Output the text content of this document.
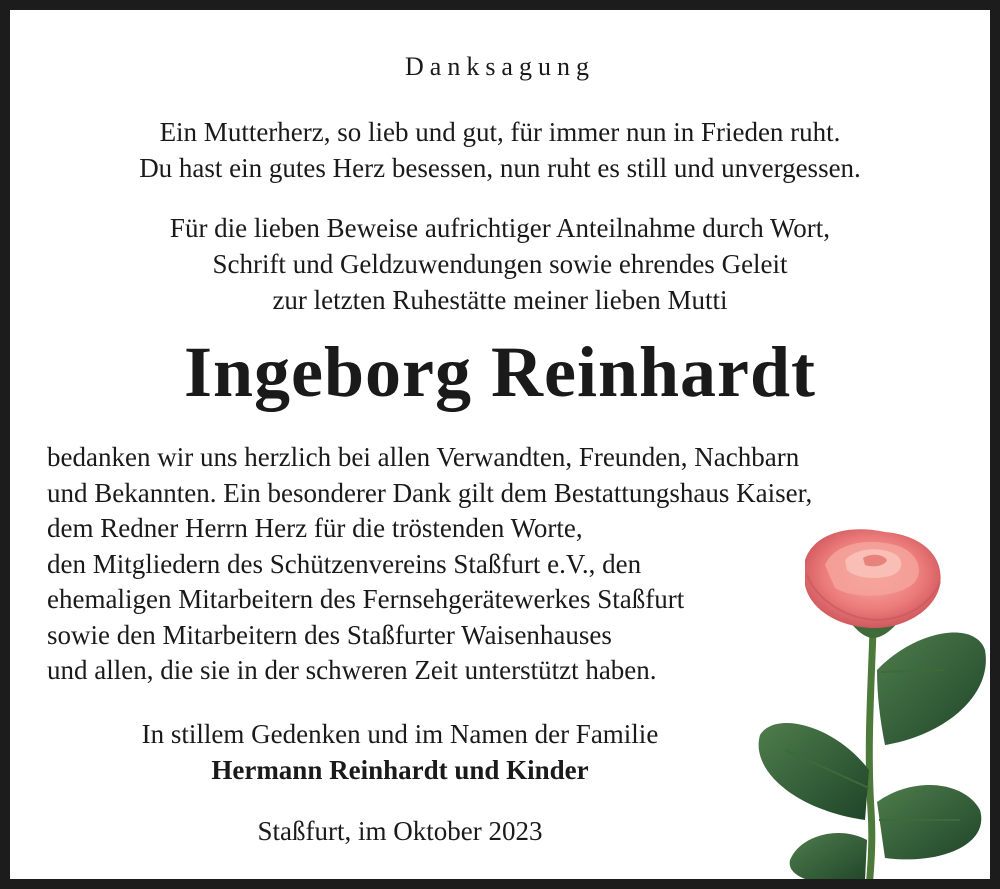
Danksagung
Ein Mutterherz, so lieb und gut, für immer nun in Frieden ruht.
Du hast ein gutes Herz besessen, nun ruht es still und unvergessen.
Für die lieben Beweise aufrichtiger Anteilnahme durch Wort,
Schrift und Geldzuwendungen sowie ehrendes Geleit
zur letzten Ruhestätte meiner lieben Mutti
Ingeborg Reinhardt
bedanken wir uns herzlich bei allen Verwandten, Freunden, Nachbarn
und Bekannten. Ein besonderer Dank gilt dem Bestattungshaus Kaiser,
dem Redner Herrn Herz für die tröstenden Worte,
den Mitgliedern des Schützenvereins Staßfurt e.V., den
ehemaligen Mitarbeitern des Fernsehgerätewerkes Staßfurt
sowie den Mitarbeitern des Staßfurter Waisenhauses
und allen, die sie in der schweren Zeit unterstützt haben.
In stillem Gedenken und im Namen der Familie
Hermann Reinhardt und Kinder
Staßfurt, im Oktober 2023
